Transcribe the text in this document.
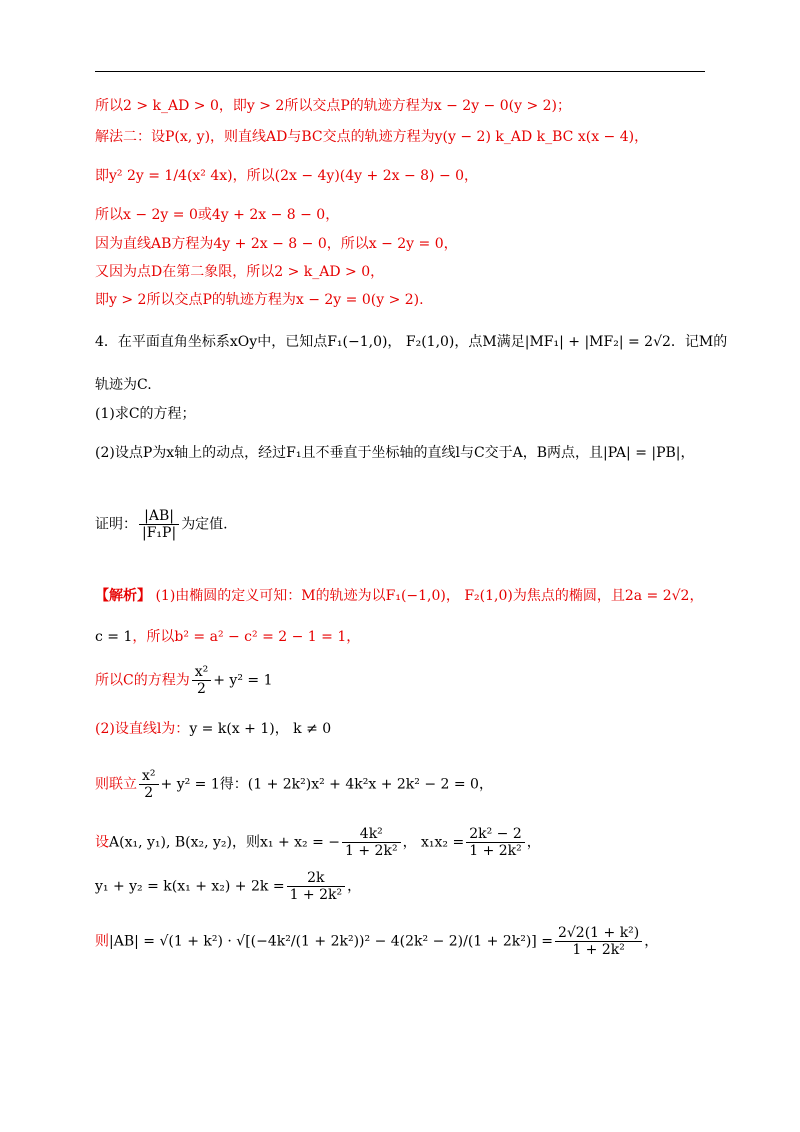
所以2 > k_AD > 0，即y > 2所以交点P的轨迹方程为x − 2y − 0(y > 2)；
解法二：设P(x, y)，则直线AD与BC交点的轨迹方程为y(y − 2) k_AD k_BC x(x − 4)，
即y² 2y = 1/4(x² 4x)，所以(2x − 4y)(4y + 2x − 8) − 0，
所以x − 2y = 0或4y + 2x − 8 − 0，
因为直线AB方程为4y + 2x − 8 − 0，所以x − 2y = 0，
又因为点D在第二象限，所以2 > k_AD > 0，
即y > 2所以交点P的轨迹方程为x − 2y = 0(y > 2).
4．在平面直角坐标系xOy中，已知点F₁(−1,0)， F₂(1,0)，点M满足|MF₁| + |MF₂| = 2√2．记M的
轨迹为C.
(1)求C的方程；
(2)设点P为x轴上的动点，经过F₁且不垂直于坐标轴的直线l与C交于A，B两点，且|PA| = |PB|，
证明： $\frac{|AB|}{\text{|F₁P|}}$ 为定值.
【解析】 (1)由椭圆的定义可知：M的轨迹为以F₁(−1,0)， F₂(1,0)为焦点的椭圆，且2a = 2√2，
c = 1，所以b² = a² − c² = 2 − 1 = 1，
所以C的方程为 $\frac{\text{x²}}{2} + y^2 = 1$
(2)设直线l为：y = k(x + 1)， k ≠ 0
则联立 $\frac{\text{x²}}{2} + y^2 = 1$得：(1 + 2k²)x² + 4k²x + 2k² − 2 = 0，
设A(x₁, y₁), B(x₂, y₂)，则x₁ + x₂ = − $\frac{\text{4k²}}{\text{1 + 2k²}}$ ， $x_1x_2 = \frac{\text{2k² − 2}}{\text{1 + 2k²}}$ ，
$y_1 + y_2 = k(x_1 + x_2) + 2k = \frac{2k}{\text{1 + 2k²}}$ ，
则$|AB| = √(1 + k^2) \cdot √[(-4k^2/(1 + 2k^2))^2 - 4(2k^2 - 2)/(1 + 2k^2)] = \frac{\text{2√2(1 + k²)}}{\text{1 + 2k²}}$ ，
